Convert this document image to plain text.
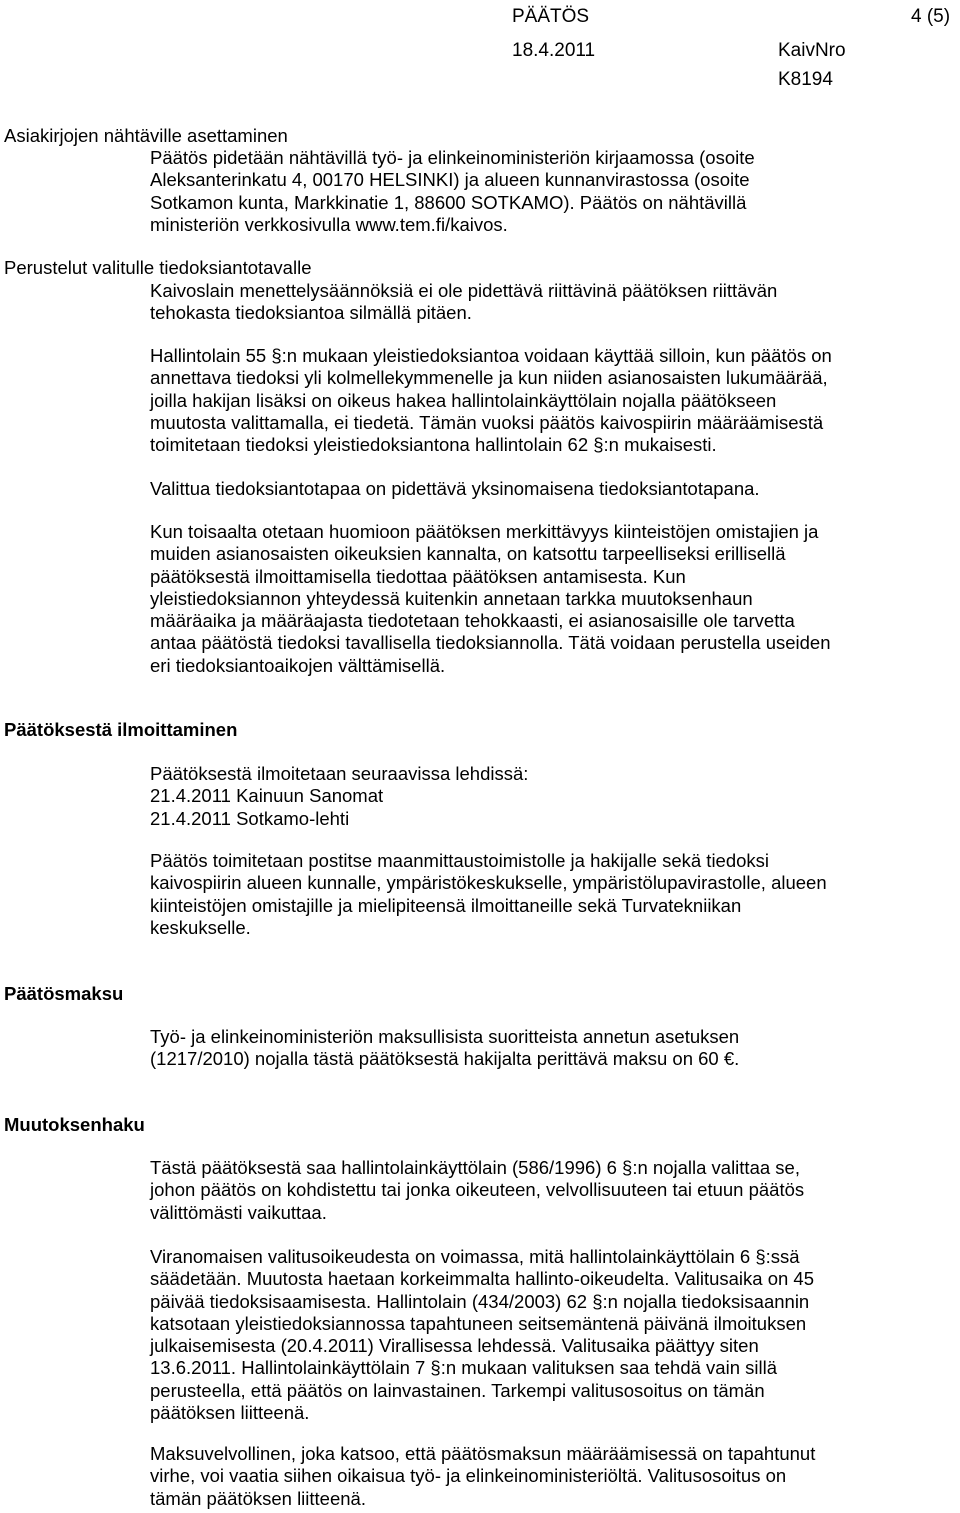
PÄÄTÖS	4 (5)
18.4.2011	KaivNro
K8194
Asiakirjojen nähtäville asettaminen

Päätös pidetään nähtävillä työ- ja elinkeinoministeriön kirjaamossa (osoite
Aleksanterinkatu 4, 00170 HELSINKI) ja alueen kunnanvirastossa (osoite
Sotkamon kunta, Markkinatie 1, 88600 SOTKAMO). Päätös on nähtävillä
ministeriön verkkosivulla www.tem.fi/kaivos.

Perustelut valitulle tiedoksiantotavalle

Kaivoslain menettelysäännöksiä ei ole pidettävä riittävinä päätöksen riittävän
tehokasta tiedoksiantoa silmällä pitäen.

Hallintolain 55 §:n mukaan yleistiedoksiantoa voidaan käyttää silloin, kun päätös on
annettava tiedoksi yli kolmellekymmenelle ja kun niiden asianosaisten lukumäärää,
joilla hakijan lisäksi on oikeus hakea hallintolainkäyttölain nojalla päätökseen
muutosta valittamalla, ei tiedetä. Tämän vuoksi päätös kaivospiirin määräämisestä
toimitetaan tiedoksi yleistiedoksiantona hallintolain 62 §:n mukaisesti.

Valittua tiedoksiantotapaa on pidettävä yksinomaisena tiedoksiantotapana.

Kun toisaalta otetaan huomioon päätöksen merkittävyys kiinteistöjen omistajien ja
muiden asianosaisten oikeuksien kannalta, on katsottu tarpeelliseksi erillisellä
päätöksestä ilmoittamisella tiedottaa päätöksen antamisesta. Kun
yleistiedoksiannon yhteydessä kuitenkin annetaan tarkka muutoksenhaun
määräaika ja määräajasta tiedotetaan tehokkaasti, ei asianosaisille ole tarvetta
antaa päätöstä tiedoksi tavallisella tiedoksiannolla. Tätä voidaan perustella useiden
eri tiedoksiantoaikojen välttämisellä.

Päätöksestä ilmoittaminen

Päätöksestä ilmoitetaan seuraavissa lehdissä:
21.4.2011 Kainuun Sanomat
21.4.2011 Sotkamo-lehti

Päätös toimitetaan postitse maanmittaustoimistolle ja hakijalle sekä tiedoksi
kaivospiirin alueen kunnalle, ympäristökeskukselle, ympäristölupavirastolle, alueen
kiinteistöjen omistajille ja mielipiteensä ilmoittaneille sekä Turvatekniikan
keskukselle.

Päätösmaksu

Työ- ja elinkeinoministeriön maksullisista suoritteista annetun asetuksen
(1217/2010) nojalla tästä päätöksestä hakijalta perittävä maksu on 60 €.

Muutoksenhaku

Tästä päätöksestä saa hallintolainkäyttölain (586/1996) 6 §:n nojalla valittaa se,
johon päätös on kohdistettu tai jonka oikeuteen, velvollisuuteen tai etuun päätös
välittömästi vaikuttaa.

Viranomaisen valitusoikeudesta on voimassa, mitä hallintolainkäyttölain 6 §:ssä
säädetään. Muutosta haetaan korkeimmalta hallinto-oikeudelta. Valitusaika on 45
päivää tiedoksisaamisesta. Hallintolain (434/2003) 62 §:n nojalla tiedoksisaannin
katsotaan yleistiedoksiannossa tapahtuneen seitsemäntenä päivänä ilmoituksen
julkaisemisesta (20.4.2011) Virallisessa lehdessä. Valitusaika päättyy siten
13.6.2011. Hallintolainkäyttölain 7 §:n mukaan valituksen saa tehdä vain sillä
perusteella, että päätös on lainvastainen. Tarkempi valitusosoitus on tämän
päätöksen liitteenä.

Maksuvelvollinen, joka katsoo, että päätösmaksun määräämisessä on tapahtunut
virhe, voi vaatia siihen oikaisua työ- ja elinkeinoministeriöltä. Valitusosoitus on
tämän päätöksen liitteenä.
